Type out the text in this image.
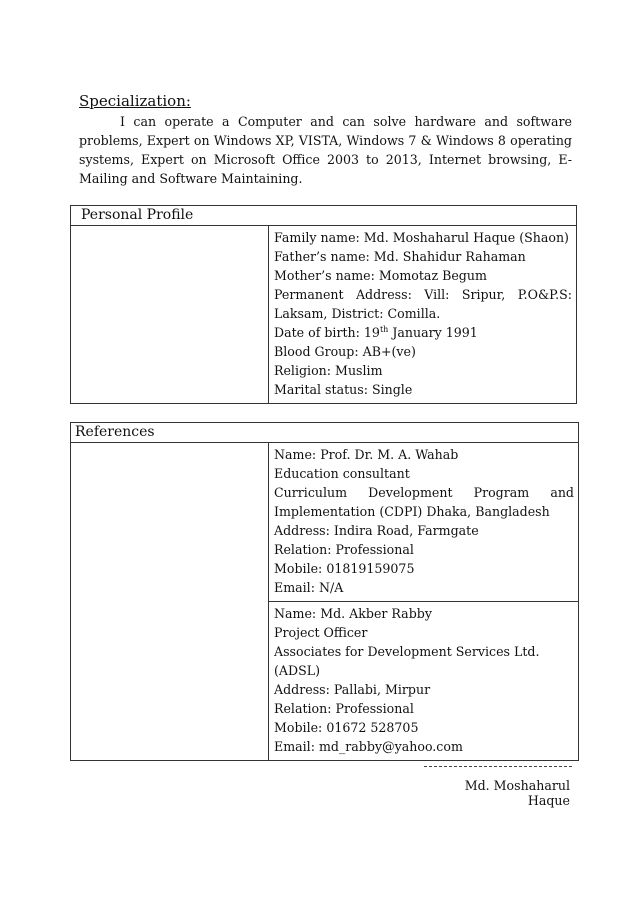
Specialization:

I can operate a Computer and can solve hardware and software problems, Expert on Windows XP, VISTA, Windows 7 & Windows 8 operating systems, Expert on Microsoft Office 2003 to 2013, Internet browsing, E-Mailing and Software Maintaining.

Personal Profile

Family name: Md. Moshaharul Haque (Shaon)
Father’s name: Md. Shahidur Rahaman
Mother’s name: Momotaz Begum
Permanent Address: Vill: Sripur, P.O&P.S:
Laksam, District: Comilla.
Date of birth: 19th January 1991
Blood Group: AB+(ve)
Religion: Muslim
Marital status: Single
References

Name: Prof. Dr. M. A. Wahab
Education consultant
Curriculum Development Program and Implementation (CDPI) Dhaka, Bangladesh
Address: Indira Road, Farmgate
Relation: Professional
Mobile: 01819159075
Email: N/A

Name: Md. Akber Rabby
Project Officer
Associates for Development Services Ltd. (ADSL)
Address: Pallabi, Mirpur
Relation: Professional
Mobile: 01672 528705
Email: md_rabby@yahoo.com
Md. Moshaharul Haque
